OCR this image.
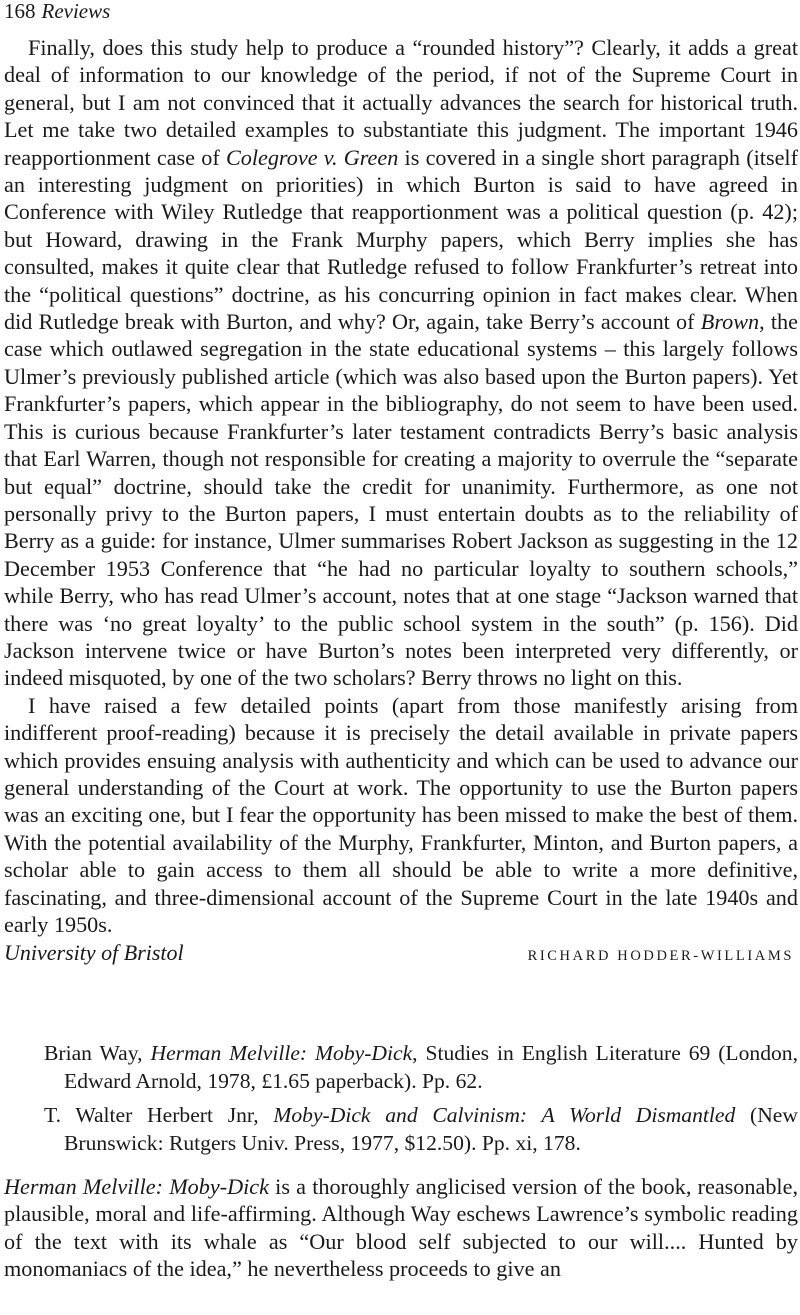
168 Reviews

Finally, does this study help to produce a “rounded history”? Clearly, it adds a great deal of information to our knowledge of the period, if not of the Supreme Court in general, but I am not convinced that it actually advances the search for historical truth. Let me take two detailed examples to substantiate this judgment. The important 1946 reapportionment case of Colegrove v. Green is covered in a single short paragraph (itself an interesting judgment on priorities) in which Burton is said to have agreed in Conference with Wiley Rutledge that reapportionment was a political question (p. 42); but Howard, drawing in the Frank Murphy papers, which Berry implies she has consulted, makes it quite clear that Rutledge refused to follow Frankfurter’s retreat into the “political questions” doctrine, as his concurring opinion in fact makes clear. When did Rutledge break with Burton, and why? Or, again, take Berry’s account of Brown, the case which outlawed segregation in the state educational systems – this largely follows Ulmer’s previously published article (which was also based upon the Burton papers). Yet Frankfurter’s papers, which appear in the bibliography, do not seem to have been used. This is curious because Frankfurter’s later testament contradicts Berry’s basic analysis that Earl Warren, though not responsible for creating a majority to overrule the “separate but equal” doctrine, should take the credit for unanimity. Furthermore, as one not personally privy to the Burton papers, I must entertain doubts as to the reliability of Berry as a guide: for instance, Ulmer summarises Robert Jackson as suggesting in the 12 December 1953 Conference that “he had no particular loyalty to southern schools,” while Berry, who has read Ulmer’s account, notes that at one stage “Jackson warned that there was ‘no great loyalty’ to the public school system in the south” (p. 156). Did Jackson intervene twice or have Burton’s notes been interpreted very differently, or indeed misquoted, by one of the two scholars? Berry throws no light on this.

I have raised a few detailed points (apart from those manifestly arising from indifferent proof-reading) because it is precisely the detail available in private papers which provides ensuing analysis with authenticity and which can be used to advance our general understanding of the Court at work. The opportunity to use the Burton papers was an exciting one, but I fear the opportunity has been missed to make the best of them. With the potential availability of the Murphy, Frankfurter, Minton, and Burton papers, a scholar able to gain access to them all should be able to write a more definitive, fascinating, and three-dimensional account of the Supreme Court in the late 1940s and early 1950s.

University of Bristol	RICHARD HODDER-WILLIAMS
Brian Way, Herman Melville: Moby-Dick, Studies in English Literature 69 (London, Edward Arnold, 1978, £1.65 paperback). Pp. 62.
T. Walter Herbert Jnr, Moby-Dick and Calvinism: A World Dismantled (New Brunswick: Rutgers Univ. Press, 1977, $12.50). Pp. xi, 178.

Herman Melville: Moby-Dick is a thoroughly anglicised version of the book, reasonable, plausible, moral and life-affirming. Although Way eschews Lawrence’s symbolic reading of the text with its whale as “Our blood self subjected to our will.... Hunted by monomaniacs of the idea,” he nevertheless proceeds to give an
